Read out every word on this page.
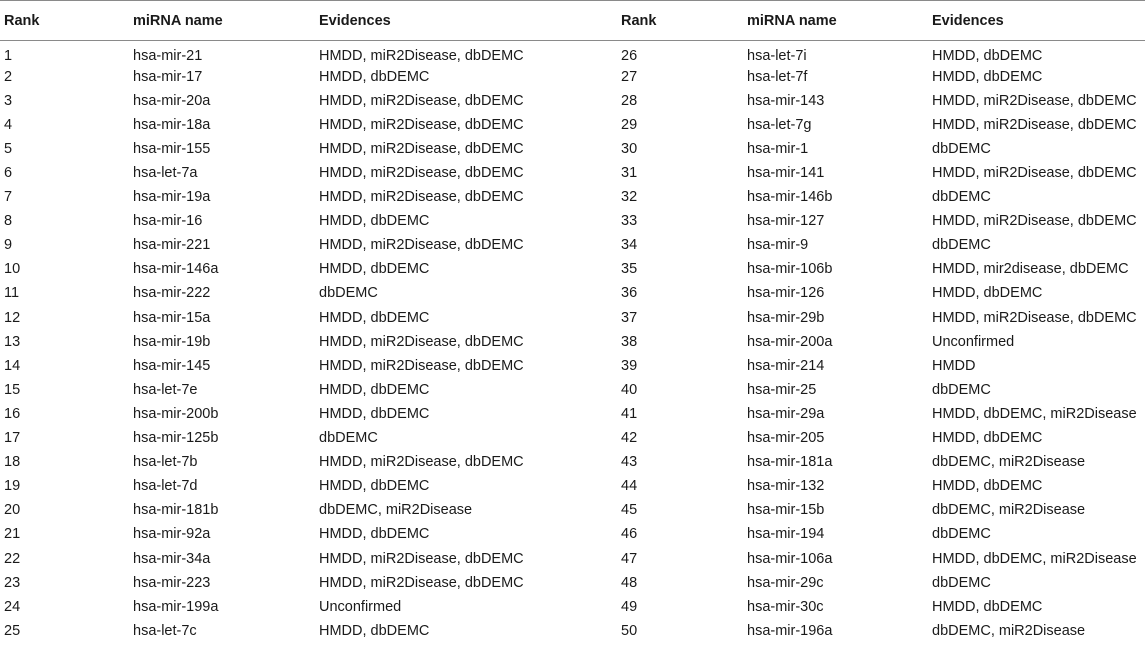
Rank	miRNA name	Evidences	Rank	miRNA name	Evidences
1	hsa-mir-21	HMDD, miR2Disease, dbDEMC	26	hsa-let-7i	HMDD, dbDEMC
2	hsa-mir-17	HMDD, dbDEMC	27	hsa-let-7f	HMDD, dbDEMC
3	hsa-mir-20a	HMDD, miR2Disease, dbDEMC	28	hsa-mir-143	HMDD, miR2Disease, dbDEMC
4	hsa-mir-18a	HMDD, miR2Disease, dbDEMC	29	hsa-let-7g	HMDD, miR2Disease, dbDEMC
5	hsa-mir-155	HMDD, miR2Disease, dbDEMC	30	hsa-mir-1	dbDEMC
6	hsa-let-7a	HMDD, miR2Disease, dbDEMC	31	hsa-mir-141	HMDD, miR2Disease, dbDEMC
7	hsa-mir-19a	HMDD, miR2Disease, dbDEMC	32	hsa-mir-146b	dbDEMC
8	hsa-mir-16	HMDD, dbDEMC	33	hsa-mir-127	HMDD, miR2Disease, dbDEMC
9	hsa-mir-221	HMDD, miR2Disease, dbDEMC	34	hsa-mir-9	dbDEMC
10	hsa-mir-146a	HMDD, dbDEMC	35	hsa-mir-106b	HMDD, mir2disease, dbDEMC
11	hsa-mir-222	dbDEMC	36	hsa-mir-126	HMDD, dbDEMC
12	hsa-mir-15a	HMDD, dbDEMC	37	hsa-mir-29b	HMDD, miR2Disease, dbDEMC
13	hsa-mir-19b	HMDD, miR2Disease, dbDEMC	38	hsa-mir-200a	Unconfirmed
14	hsa-mir-145	HMDD, miR2Disease, dbDEMC	39	hsa-mir-214	HMDD
15	hsa-let-7e	HMDD, dbDEMC	40	hsa-mir-25	dbDEMC
16	hsa-mir-200b	HMDD, dbDEMC	41	hsa-mir-29a	HMDD, dbDEMC, miR2Disease
17	hsa-mir-125b	dbDEMC	42	hsa-mir-205	HMDD, dbDEMC
18	hsa-let-7b	HMDD, miR2Disease, dbDEMC	43	hsa-mir-181a	dbDEMC, miR2Disease
19	hsa-let-7d	HMDD, dbDEMC	44	hsa-mir-132	HMDD, dbDEMC
20	hsa-mir-181b	dbDEMC, miR2Disease	45	hsa-mir-15b	dbDEMC, miR2Disease
21	hsa-mir-92a	HMDD, dbDEMC	46	hsa-mir-194	dbDEMC
22	hsa-mir-34a	HMDD, miR2Disease, dbDEMC	47	hsa-mir-106a	HMDD, dbDEMC, miR2Disease
23	hsa-mir-223	HMDD, miR2Disease, dbDEMC	48	hsa-mir-29c	dbDEMC
24	hsa-mir-199a	Unconfirmed	49	hsa-mir-30c	HMDD, dbDEMC
25	hsa-let-7c	HMDD, dbDEMC	50	hsa-mir-196a	dbDEMC, miR2Disease
